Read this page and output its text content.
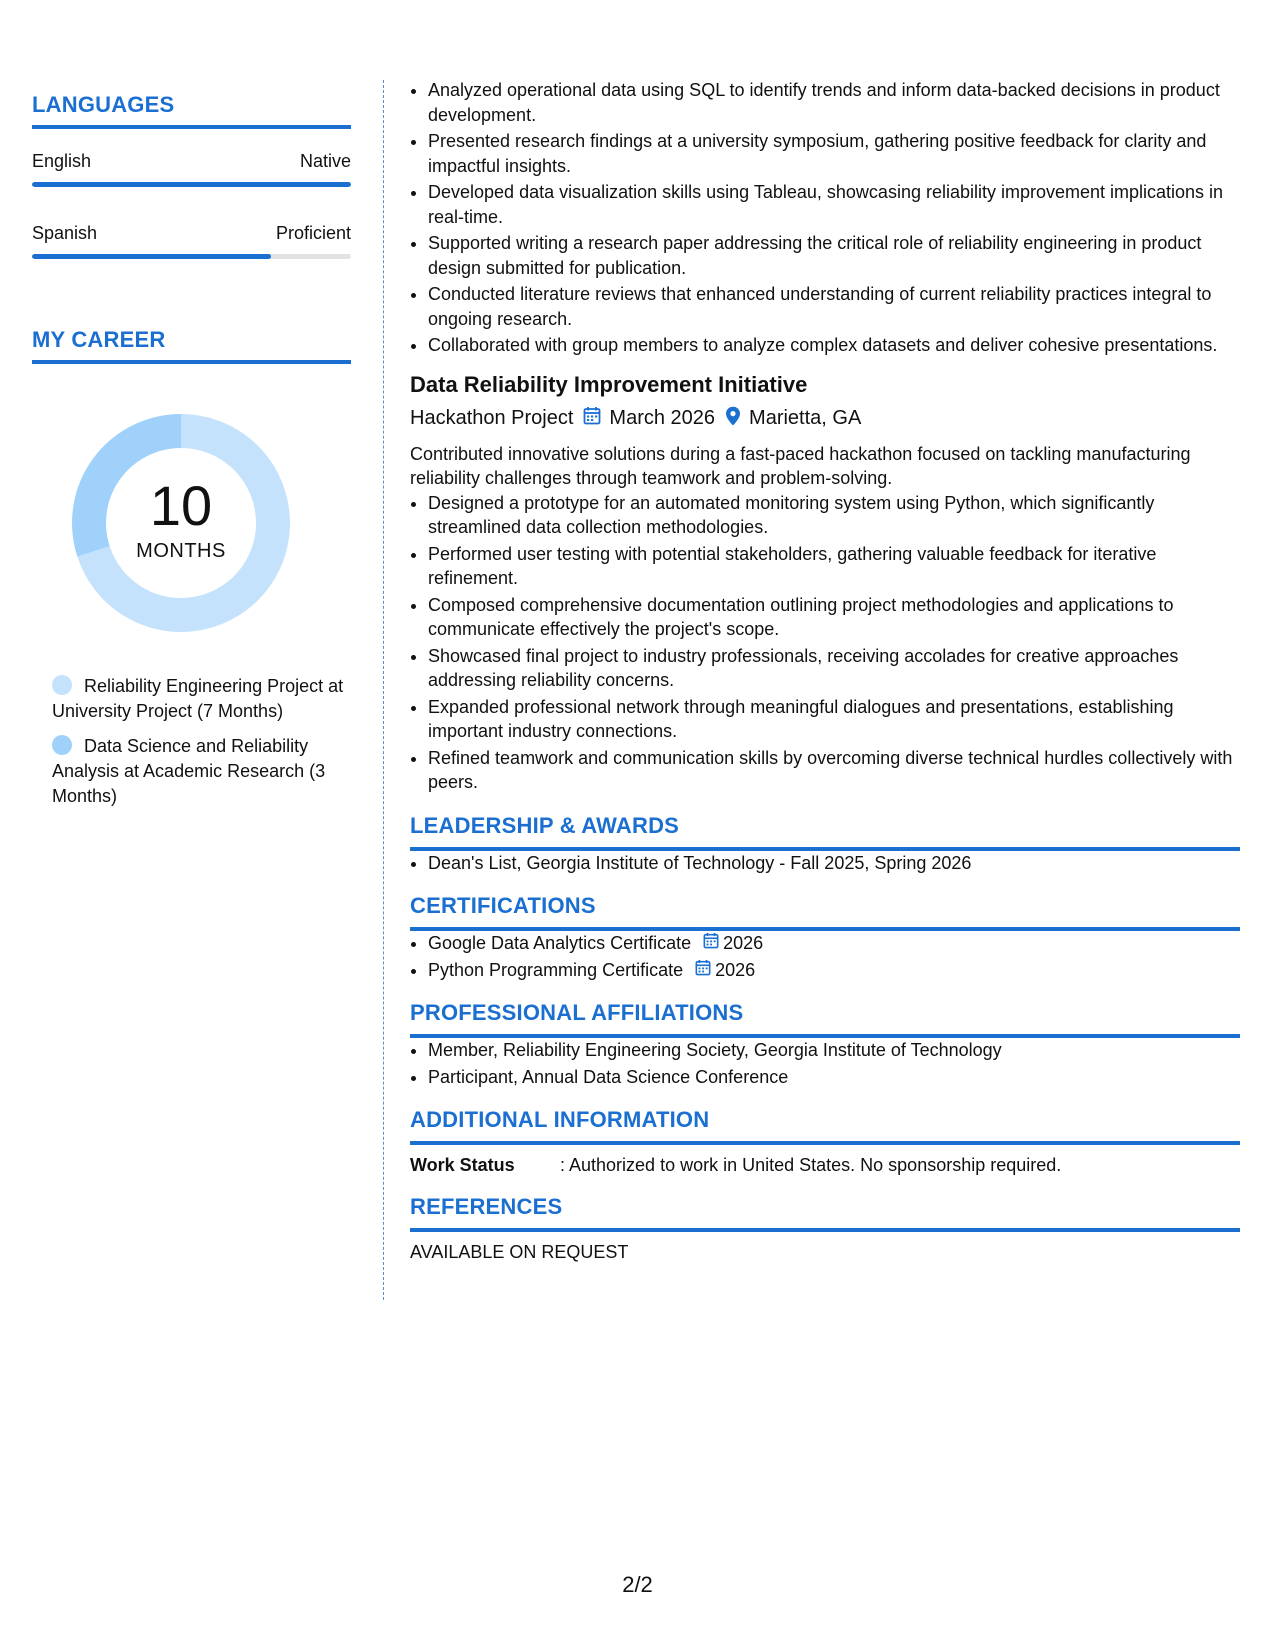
LANGUAGES
English	Native
Spanish	Proficient
MY CAREER
10
MONTHS
Reliability Engineering Project at University Project (7 Months)
Data Science and Reliability Analysis at Academic Research (3 Months)
• Analyzed operational data using SQL to identify trends and inform data-backed decisions in product development.
• Presented research findings at a university symposium, gathering positive feedback for clarity and impactful insights.
• Developed data visualization skills using Tableau, showcasing reliability improvement implications in real-time.
• Supported writing a research paper addressing the critical role of reliability engineering in product design submitted for publication.
• Conducted literature reviews that enhanced understanding of current reliability practices integral to ongoing research.
• Collaborated with group members to analyze complex datasets and deliver cohesive presentations.
Data Reliability Improvement Initiative
Hackathon Project March 2026 Marietta, GA
Contributed innovative solutions during a fast-paced hackathon focused on tackling manufacturing reliability challenges through teamwork and problem-solving.
• Designed a prototype for an automated monitoring system using Python, which significantly streamlined data collection methodologies.
• Performed user testing with potential stakeholders, gathering valuable feedback for iterative refinement.
• Composed comprehensive documentation outlining project methodologies and applications to communicate effectively the project's scope.
• Showcased final project to industry professionals, receiving accolades for creative approaches addressing reliability concerns.
• Expanded professional network through meaningful dialogues and presentations, establishing important industry connections.
• Refined teamwork and communication skills by overcoming diverse technical hurdles collectively with peers.
LEADERSHIP & AWARDS
• Dean's List, Georgia Institute of Technology - Fall 2025, Spring 2026
CERTIFICATIONS
• Google Data Analytics Certificate 2026
• Python Programming Certificate 2026
PROFESSIONAL AFFILIATIONS
• Member, Reliability Engineering Society, Georgia Institute of Technology
• Participant, Annual Data Science Conference
ADDITIONAL INFORMATION
Work Status	: Authorized to work in United States. No sponsorship required.
REFERENCES
AVAILABLE ON REQUEST
2/2
